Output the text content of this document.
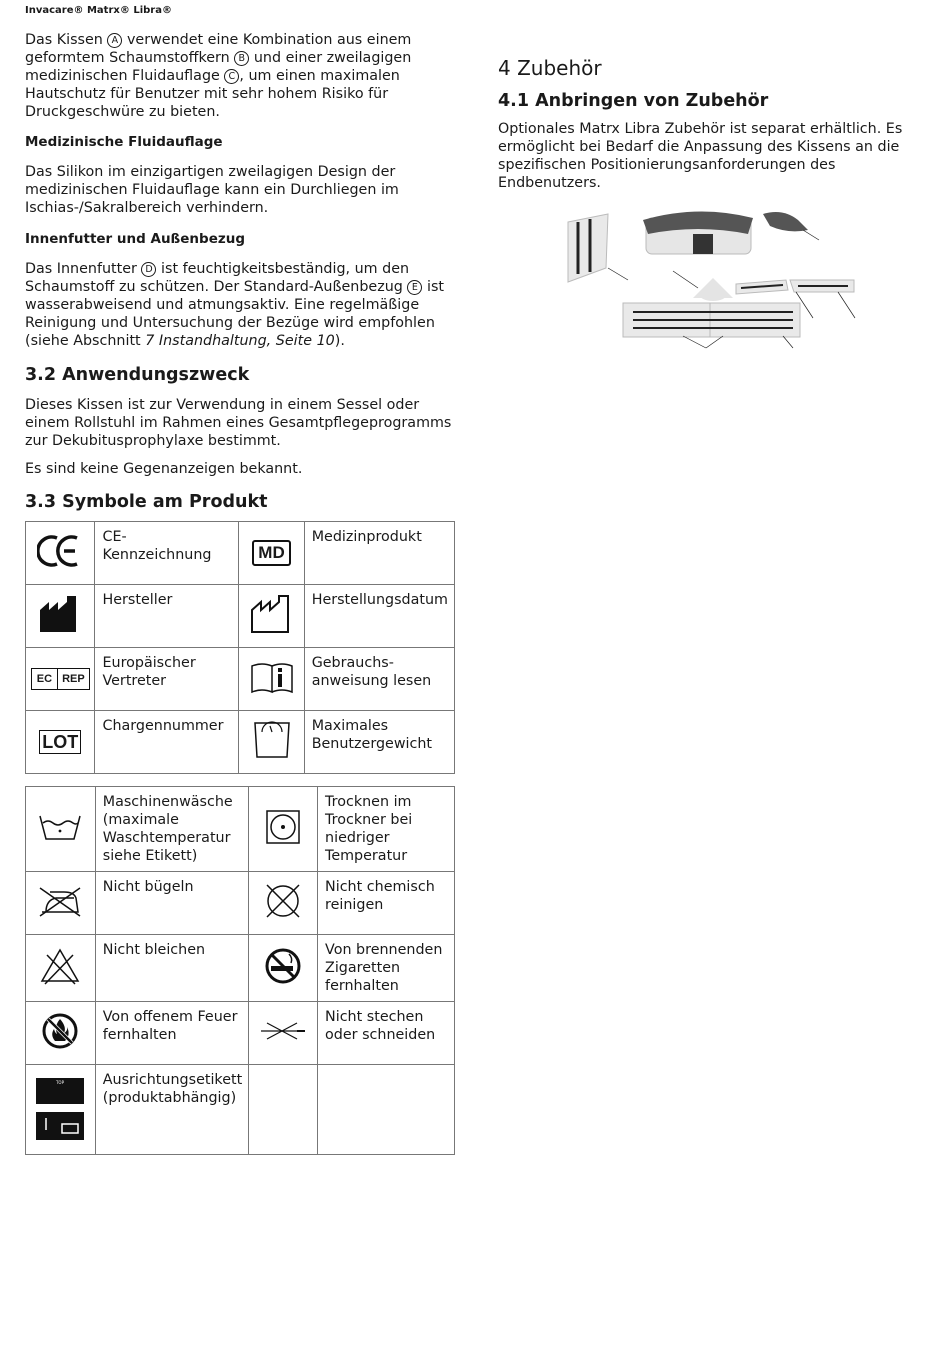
Invacare® Matrx® Libra®

Das Kissen A verwendet eine Kombination aus einem geformtem Schaumstoffkern B und einer zweilagigen medizinischen Fluidauflage C , um einen maximalen Hautschutz für Benutzer mit sehr hohem Risiko für Druckgeschwüre zu bieten.

Medizinische Fluidauflage

Das Silikon im einzigartigen zweilagigen Design der medizinischen Fluidauflage kann ein Durchliegen im Ischias-/Sakralbereich verhindern.

Innenfutter und Außenbezug

Das Innenfutter D ist feuchtigkeitsbeständig, um den Schaumstoff zu schützen. Der Standard-Außenbezug E ist wasserabweisend und atmungsaktiv. Eine regelmäßige Reinigung und Untersuchung der Bezüge wird empfohlen (siehe Abschnitt 7 Instandhaltung, Seite 10).

3.2 Anwendungszweck

Dieses Kissen ist zur Verwendung in einem Sessel oder einem Rollstuhl im Rahmen eines Gesamtpflegeprogramms zur Dekubitusprophylaxe bestimmt.

Es sind keine Gegenanzeigen bekannt.

3.3 Symbole am Produkt
	CE-Kennzeichnung	MD	Medizinprodukt
	Hersteller		Herstellungsdatum

EC REP	Europäischer Vertreter		Gebrauchs-anweisung lesen
LOT	Chargennummer		Maximales Benutzergewicht
	Maschinenwäsche (maximale Waschtemperatur siehe Etikett)		Trocknen im Trockner bei niedriger Temperatur
	Nicht bügeln		Nicht chemisch reinigen
	Nicht bleichen		Von brennenden Zigaretten fernhalten
	Von offenem Feuer fernhalten		Nicht stechen oder schneiden

TOP	Ausrichtungsetikett (produktabhängig)		
4 Zubehör
4.1 Anbringen von Zubehör

Optionales Matrx Libra Zubehör ist separat erhältlich. Es ermöglicht bei Bedarf die Anpassung des Kissens an die spezifischen Positionierungsanforderungen des Endbenutzers.
